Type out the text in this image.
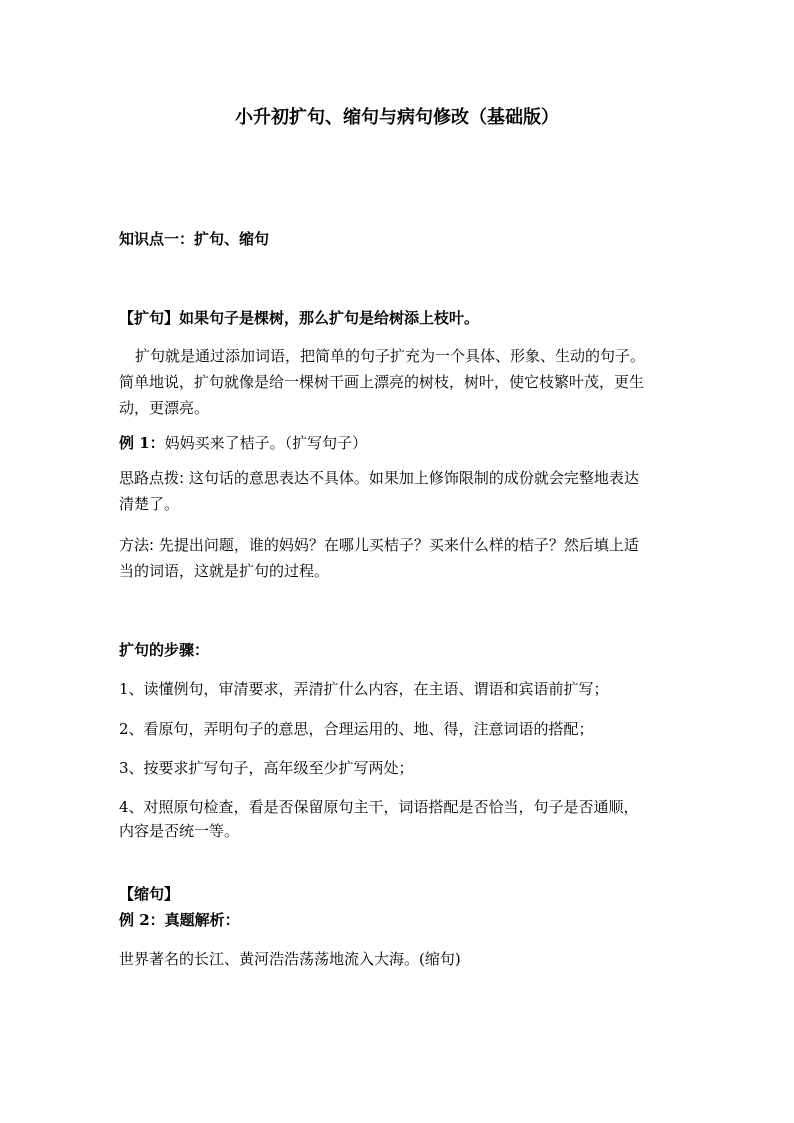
小升初扩句、缩句与病句修改（基础版）
知识点一：扩句、缩句
【扩句】如果句子是棵树，那么扩句是给树添上枝叶。
扩句就是通过添加词语，把简单的句子扩充为一个具体、形象、生动的句子。
简单地说，扩句就像是给一棵树干画上漂亮的树枝，树叶，使它枝繁叶茂，更生
动，更漂亮。
例 1：妈妈买来了桔子。（扩写句子）
思路点拨: 这句话的意思表达不具体。如果加上修饰限制的成份就会完整地表达
清楚了。
方法: 先提出问题，谁的妈妈？在哪儿买桔子？买来什么样的桔子？然后填上适
当的词语，这就是扩句的过程。
扩句的步骤：
1、读懂例句，审清要求，弄清扩什么内容，在主语、谓语和宾语前扩写；
2、看原句，弄明句子的意思，合理运用的、地、得，注意词语的搭配；
3、按要求扩写句子，高年级至少扩写两处；
4、对照原句检查，看是否保留原句主干，词语搭配是否恰当，句子是否通顺，
内容是否统一等。
【缩句】
例 2：真题解析：
世界著名的长江、黄河浩浩荡荡地流入大海。(缩句)
